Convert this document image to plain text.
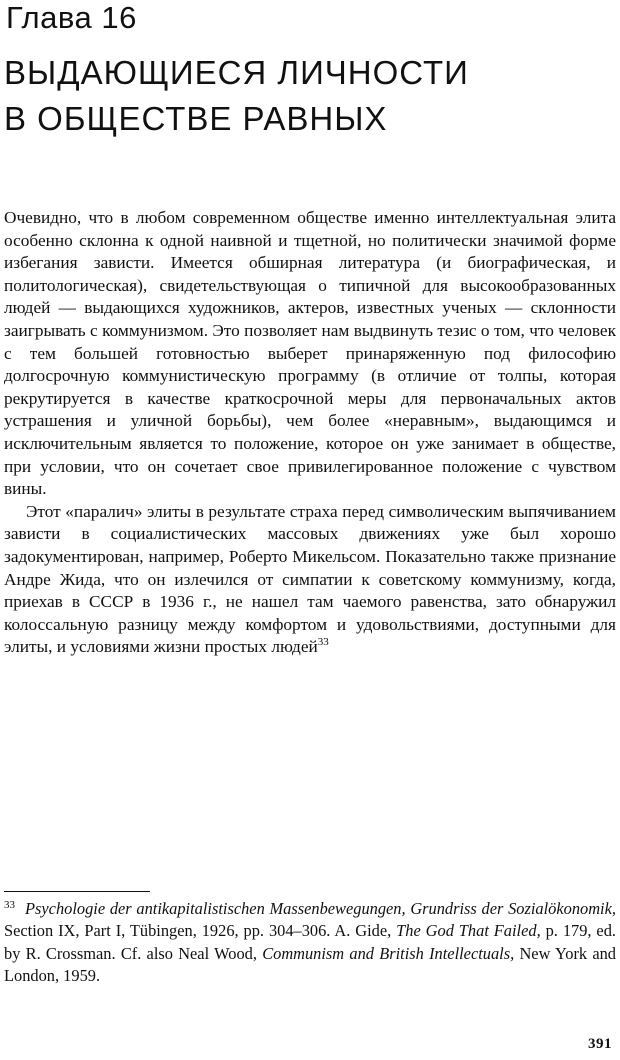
Глава 16
ВЫДАЮЩИЕСЯ ЛИЧНОСТИ
В ОБЩЕСТВЕ РАВНЫХ

Очевидно, что в любом современном обществе именно интеллектуальная элита особенно склонна к одной наивной и тщетной, но политически значимой форме избегания зависти. Имеется обширная литература (и биографическая, и политологическая), свидетельствующая о типичной для высокообразованных людей — выдающихся художников, актеров, известных ученых — склонности заигрывать с коммунизмом. Это позволяет нам выдвинуть тезис о том, что человек с тем большей готовностью выберет принаряженную под философию долгосрочную коммунистическую программу (в отличие от толпы, которая рекрутируется в качестве краткосрочной меры для первоначальных актов устрашения и уличной борьбы), чем более «неравным», выдающимся и исключительным является то положение, которое он уже занимает в обществе, при условии, что он сочетает свое привилегированное положение с чувством вины.

Этот «паралич» элиты в результате страха перед символическим выпячиванием зависти в социалистических массовых движениях уже был хорошо задокументирован, например, Роберто Микельсом. Показательно также признание Андре Жида, что он излечился от симпатии к советскому коммунизму, когда, приехав в СССР в 1936 г., не нашел там чаемого равенства, зато обнаружил колоссальную разницу между комфортом и удовольствиями, доступными для элиты, и условиями жизни простых людей$^{33}$

$^{33}$ Psychologie der antikapitalistischen Massenbewegungen, Grundriss der Sozialökonomik, Section IX, Part I, Tübingen, 1926, pp. 304–306. A. Gide, The God That Failed, p. 179, ed. by R. Crossman. Cf. also Neal Wood, Communism and British Intellectuals, New York and London, 1959.
391
